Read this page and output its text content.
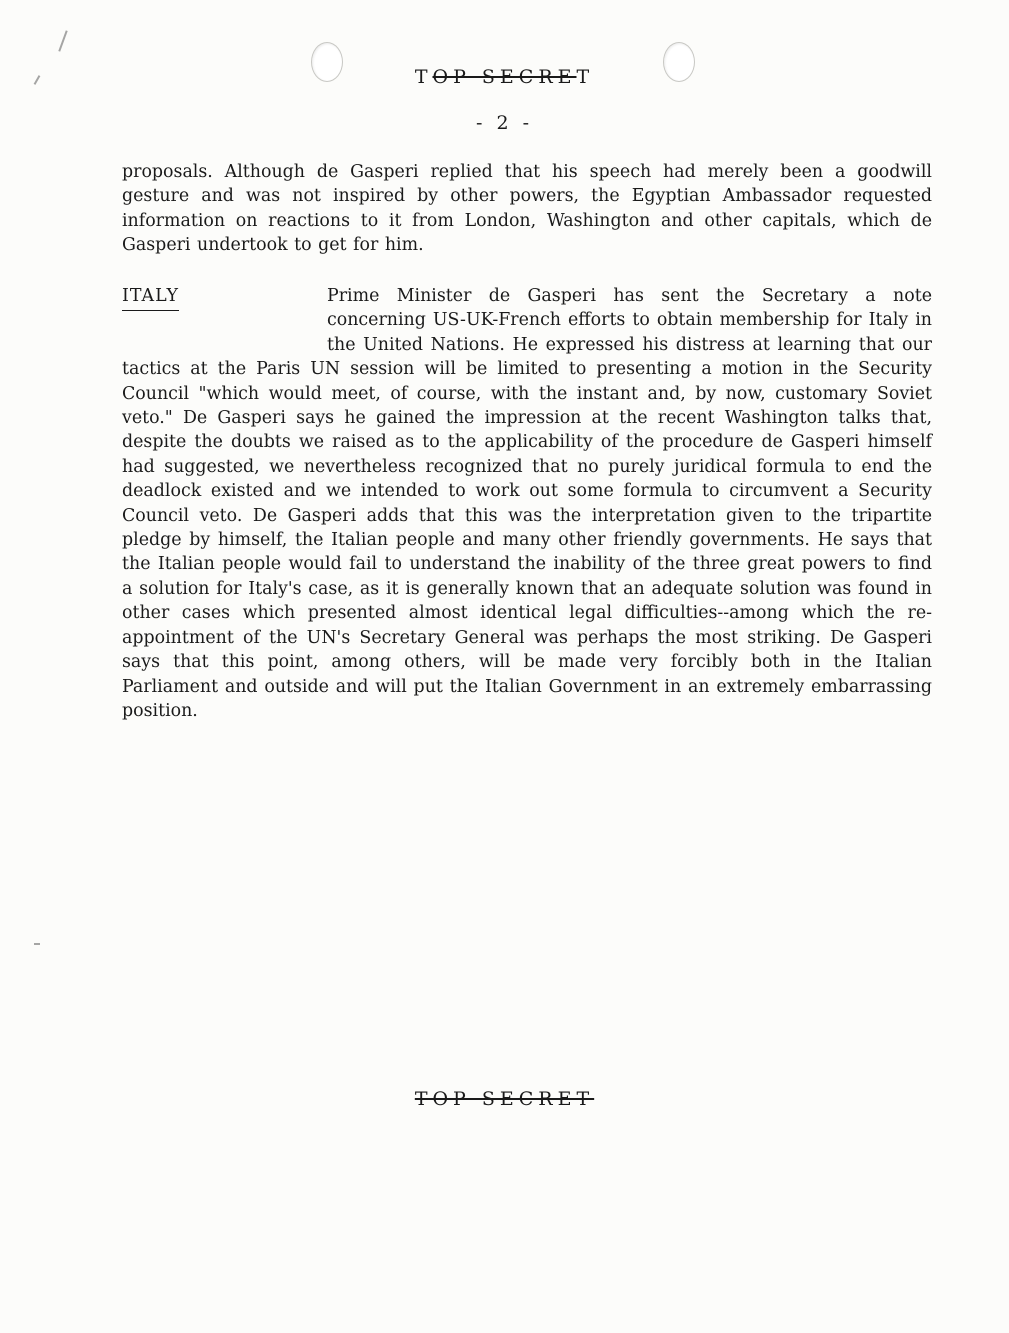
TOP SECRET

- 2 -

proposals. Although de Gasperi replied that his speech had merely been a goodwill gesture and was not inspired by other powers, the Egyptian Ambassador requested information on reactions to it from London, Washington and other capitals, which de Gasperi undertook to get for him.

ITALY	Prime Minister de Gasperi has sent the Secretary a note concerning US-UK-French efforts to obtain membership for Italy in the United Nations. He expressed his distress at learning that our tactics at the Paris UN session will be limited to presenting a motion in the Security Council "which would meet, of course, with the instant and, by now, customary Soviet veto." De Gasperi says he gained the impression at the recent Washington talks that, despite the doubts we raised as to the applicability of the procedure de Gasperi himself had suggested, we nevertheless recognized that no purely juridical formula to end the deadlock existed and we intended to work out some formula to circumvent a Security Council veto. De Gasperi adds that this was the interpretation given to the tripartite pledge by himself, the Italian people and many other friendly governments. He says that the Italian people would fail to understand the inability of the three great powers to find a solution for Italy's case, as it is generally known that an adequate solution was found in other cases which presented almost identical legal difficulties--among which the re-appointment of the UN's Secretary General was perhaps the most striking. De Gasperi says that this point, among others, will be made very forcibly both in the Italian Parliament and outside and will put the Italian Government in an extremely embarrassing position.

TOP SECRET
